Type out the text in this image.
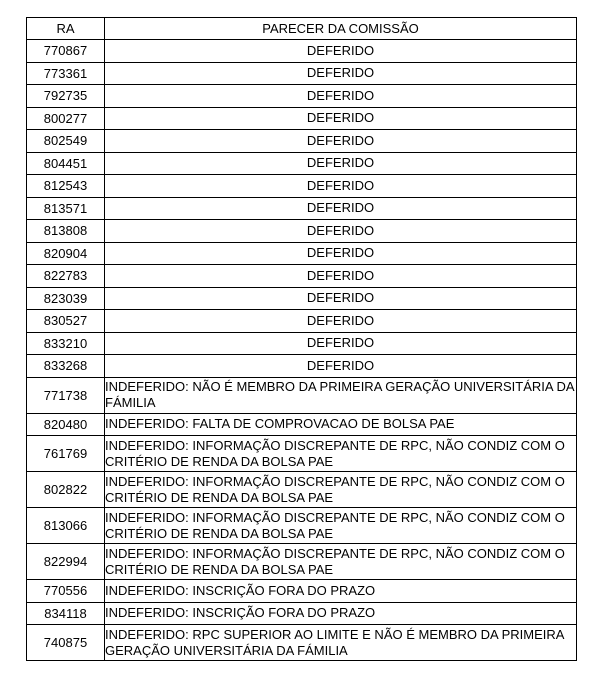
RA	PARECER DA COMISSÃO
770867	DEFERIDO
773361	DEFERIDO
792735	DEFERIDO
800277	DEFERIDO
802549	DEFERIDO
804451	DEFERIDO
812543	DEFERIDO
813571	DEFERIDO
813808	DEFERIDO
820904	DEFERIDO
822783	DEFERIDO
823039	DEFERIDO
830527	DEFERIDO
833210	DEFERIDO
833268	DEFERIDO
771738	INDEFERIDO: NÃO É MEMBRO DA PRIMEIRA GERAÇÃO UNIVERSITÁRIA DA FÁMILIA
820480	INDEFERIDO: FALTA DE COMPROVACAO DE BOLSA PAE
761769	INDEFERIDO: INFORMAÇÃO DISCREPANTE DE RPC, NÃO CONDIZ COM O CRITÉRIO DE RENDA DA BOLSA PAE
802822	INDEFERIDO: INFORMAÇÃO DISCREPANTE DE RPC, NÃO CONDIZ COM O CRITÉRIO DE RENDA DA BOLSA PAE
813066	INDEFERIDO: INFORMAÇÃO DISCREPANTE DE RPC, NÃO CONDIZ COM O CRITÉRIO DE RENDA DA BOLSA PAE
822994	INDEFERIDO: INFORMAÇÃO DISCREPANTE DE RPC, NÃO CONDIZ COM O CRITÉRIO DE RENDA DA BOLSA PAE
770556	INDEFERIDO: INSCRIÇÃO FORA DO PRAZO
834118	INDEFERIDO: INSCRIÇÃO FORA DO PRAZO
740875	INDEFERIDO: RPC SUPERIOR AO LIMITE E NÃO É MEMBRO DA PRIMEIRA GERAÇÃO UNIVERSITÁRIA DA FÁMILIA
